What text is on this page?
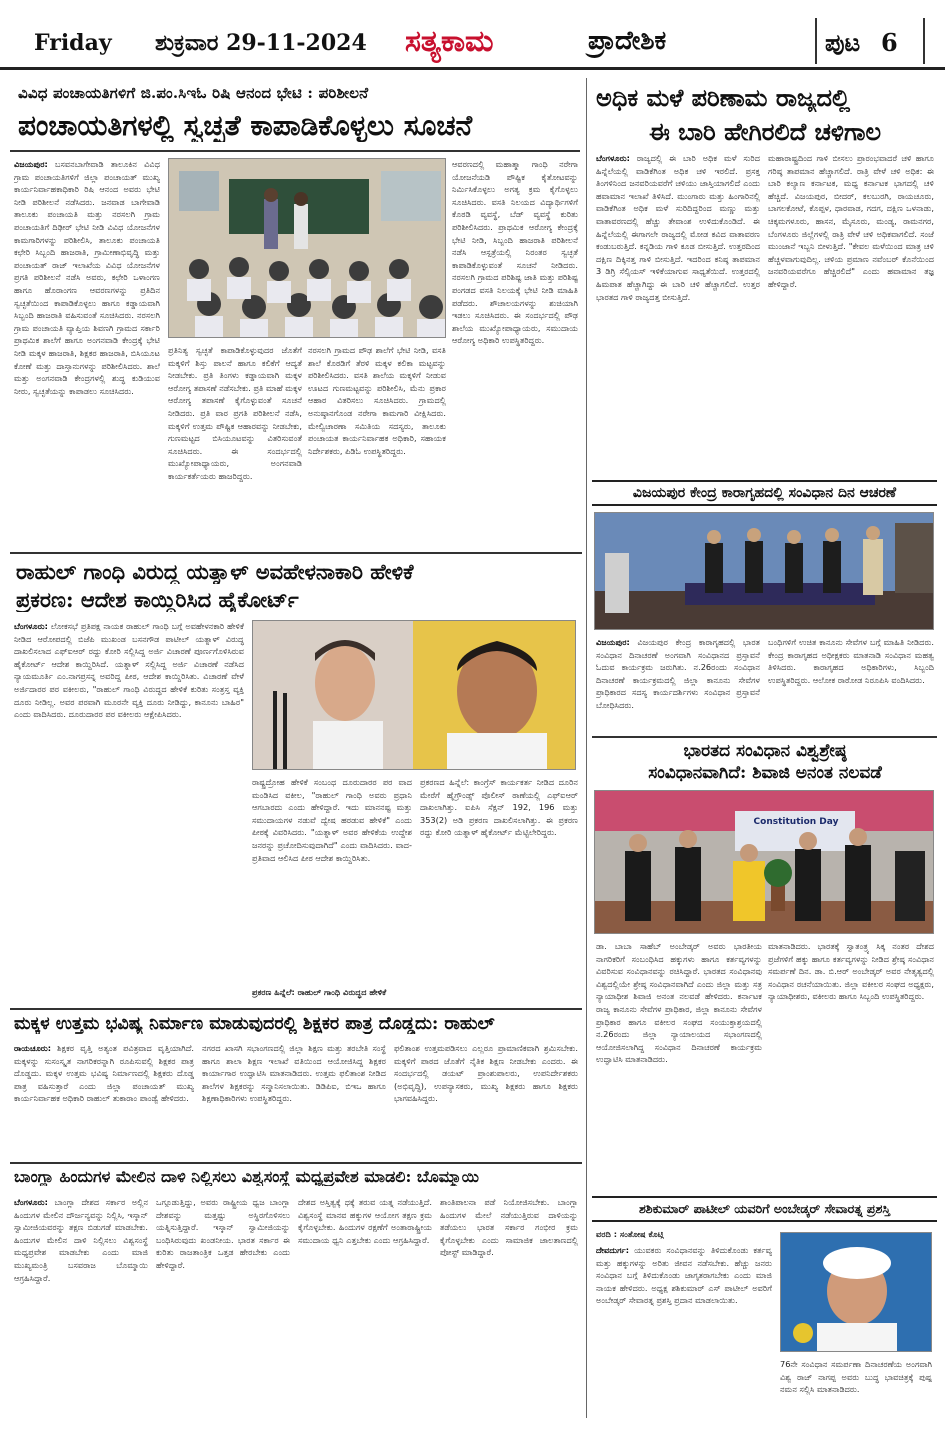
Friday ಶುಕ್ರವಾರ 29-11-2024 ಸತ್ಯಕಾಮ	ಪ್ರಾದೇಶಿಕ	ಪುಟ 6
ವಿವಿಧ ಪಂಚಾಯತಿಗಳಿಗೆ ಜಿ.ಪಂ.ಸಿಇಓ ರಿಷಿ ಆನಂದ ಭೇಟಿ : ಪರಿಶೀಲನೆ
ಪಂಚಾಯತಿಗಳಲ್ಲಿ ಸ್ವಚ್ಛತೆ ಕಾಪಾಡಿಕೊಳ್ಳಲು ಸೂಚನೆ
ವಿಜಯಪುರ: ಬಸವನಬಾಗೇವಾಡಿ ತಾಲೂಕಿನ ವಿವಿಧ ಗ್ರಾಮ ಪಂಚಾಯತಿಗಳಿಗೆ ಜಿಲ್ಲಾ ಪಂಚಾಯತ್ ಮುಖ್ಯ ಕಾರ್ಯನಿರ್ವಾಹಕಾಧಿಕಾರಿ ರಿಷಿ ಆನಂದ ಅವರು ಭೇಟಿ ನೀಡಿ ಪರಿಶೀಲನೆ ನಡೆಸಿದರು. ಜನವಾಡ ಬಾಗೇವಾಡಿ ತಾಲೂಕು ಪಂಚಾಯತಿ ಮತ್ತು ನರಸಲಗಿ ಗ್ರಾಮ ಪಂಚಾಯತಿಗೆ ದಿಢೀರ್ ಭೇಟಿ ನೀಡಿ ವಿವಿಧ ಯೋಜನೆಗಳ ಕಾಮಗಾರಿಗಳನ್ನು ಪರಿಶೀಲಿಸಿ, ತಾಲೂಕು ಪಂಚಾಯತಿ ಕಛೇರಿ ಸಿಬ್ಬಂದಿ ಹಾಜರಾತಿ, ಗ್ರಾಮೀಣಾಭಿವೃದ್ಧಿ ಮತ್ತು ಪಂಚಾಯತ್ ರಾಜ್ ಇಲಾಖೆಯ ವಿವಿಧ ಯೋಜನೆಗಳ ಪ್ರಗತಿ ಪರಿಶೀಲನೆ ನಡೆಸಿ ಅವರು, ಕಛೇರಿ ಒಳಾಂಗಣ ಹಾಗೂ ಹೊರಾಂಗಣ ಆವರಣಗಳನ್ನು ಪ್ರತಿದಿನ ಸ್ವಚ್ಛತೆಯಿಂದ ಕಾಪಾಡಿಕೊಳ್ಳಲು ಹಾಗೂ ಕಡ್ಡಾಯವಾಗಿ ಸಿಬ್ಬಂದಿ ಹಾಜರಾತಿ ವಹಿಸುವಂತೆ ಸೂಚಿಸಿದರು. ನರಸಲಗಿ ಗ್ರಾಮ ಪಂಚಾಯತಿ ವ್ಯಾಪ್ತಿಯ ಶಿವಣಗಿ ಗ್ರಾಮದ ಸರ್ಕಾರಿ ಪ್ರಾಥಮಿಕ ಶಾಲೆಗೆ ಹಾಗೂ ಅಂಗನವಾಡಿ ಕೇಂದ್ರಕ್ಕೆ ಭೇಟಿ ನೀಡಿ ಮಕ್ಕಳ ಹಾಜರಾತಿ, ಶಿಕ್ಷಕರ ಹಾಜರಾತಿ, ಬಿಸಿಯೂಟ ಕೋಣೆ ಮತ್ತು ದಾಸ್ತಾನುಗಳನ್ನು ಪರಿಶೀಲಿಸಿದರು. ಶಾಲೆ ಮತ್ತು ಅಂಗನವಾಡಿ ಕೇಂದ್ರಗಳಲ್ಲಿ ಶುದ್ಧ ಕುಡಿಯುವ ನೀರು, ಸ್ವಚ್ಛತೆಯನ್ನು ಕಾಪಾಡಲು ಸೂಚಿಸಿದರು.
ಪ್ರತಿನಿತ್ಯ ಸ್ವಚ್ಛತೆ ಕಾಪಾಡಿಕೊಳ್ಳುವುದರ ಜೊತೆಗೆ ಮಕ್ಕಳಿಗೆ ಶಿಸ್ತು ಪಾಲನೆ ಹಾಗೂ ಕಲಿಕೆಗೆ ಆದ್ಯತೆ ನೀಡಬೇಕು. ಪ್ರತಿ ತಿಂಗಳು ಕಡ್ಡಾಯವಾಗಿ ಮಕ್ಕಳ ಆರೋಗ್ಯ ತಪಾಸಣೆ ನಡೆಸಬೇಕು. ಪ್ರತಿ ಮಾಹೆ ಮಕ್ಕಳ ಆರೋಗ್ಯ ತಪಾಸಣೆ ಕೈಗೊಳ್ಳುವಂತೆ ಸೂಚನೆ ನೀಡಿದರು. ಪ್ರತಿ ವಾರ ಪ್ರಗತಿ ಪರಿಶೀಲನೆ ನಡೆಸಿ, ಮಕ್ಕಳಿಗೆ ಉತ್ತಮ ಪೌಷ್ಟಿಕ ಆಹಾರವನ್ನು ನೀಡಬೇಕು, ಗುಣಮಟ್ಟದ ಬಿಸಿಯೂಟವನ್ನು ವಿತರಿಸುವಂತೆ ಸೂಚಿಸಿದರು. ಈ ಸಂದರ್ಭದಲ್ಲಿ ಮುಖ್ಯೋಪಾಧ್ಯಾಯರು, ಅಂಗನವಾಡಿ ಕಾರ್ಯಕರ್ತೆಯರು ಹಾಜರಿದ್ದರು.
ನರಸಲಗಿ ಗ್ರಾಮದ ಪೌಢ ಶಾಲೆಗೆ ಭೇಟಿ ನೀಡಿ, ವಸತಿ ಶಾಲೆ ಕೊಠಡಿಗೆ ತೆರಳಿ ಮಕ್ಕಳ ಕಲಿಕಾ ಮಟ್ಟವನ್ನು ಪರಿಶೀಲಿಸಿದರು. ವಸತಿ ಶಾಲೆಯ ಮಕ್ಕಳಿಗೆ ನೀಡುವ ಊಟದ ಗುಣಮಟ್ಟವನ್ನು ಪರಿಶೀಲಿಸಿ, ಮೆನು ಪ್ರಕಾರ ಆಹಾರ ವಿತರಿಸಲು ಸೂಚಿಸಿದರು. ಗ್ರಾಮದಲ್ಲಿ ಅನುಷ್ಠಾನಗೊಂಡ ನರೇಗಾ ಕಾಮಗಾರಿ ವೀಕ್ಷಿಸಿದರು. ಮೇಲ್ವಿಚಾರಣಾ ಸಮಿತಿಯ ಸದಸ್ಯರು, ತಾಲೂಕು ಪಂಚಾಯತ ಕಾರ್ಯನಿರ್ವಾಹಕ ಅಧಿಕಾರಿ, ಸಹಾಯಕ ನಿರ್ದೇಶಕರು, ಪಿಡಿಓ ಉಪಸ್ಥಿತರಿದ್ದರು.
ಆವರಣದಲ್ಲಿ ಮಹಾತ್ಮಾ ಗಾಂಧಿ ನರೇಗಾ ಯೋಜನೆಯಡಿ ಪೌಷ್ಟಿಕ ಕೈತೋಟವನ್ನು ನಿರ್ಮಿಸಿಕೊಳ್ಳಲು ಅಗತ್ಯ ಕ್ರಮ ಕೈಗೊಳ್ಳಲು ಸೂಚಿಸಿದರು. ವಸತಿ ನಿಲಯದ ವಿದ್ಯಾರ್ಥಿಗಳಿಗೆ ಕೊಠಡಿ ವ್ಯವಸ್ಥೆ, ಬೆಡ್ ವ್ಯವಸ್ಥೆ ಕುರಿತು ಪರಿಶೀಲಿಸಿದರು. ಪ್ರಾಥಮಿಕ ಆರೋಗ್ಯ ಕೇಂದ್ರಕ್ಕೆ ಭೇಟಿ ನೀಡಿ, ಸಿಬ್ಬಂದಿ ಹಾಜರಾತಿ ಪರಿಶೀಲನೆ ನಡೆಸಿ ಆಸ್ಪತ್ರೆಯಲ್ಲಿ ನಿರಂತರ ಸ್ವಚ್ಛತೆ ಕಾಪಾಡಿಕೊಳ್ಳುವಂತೆ ಸೂಚನೆ ನೀಡಿದರು. ನರಸಲಗಿ ಗ್ರಾಮದ ಪರಿಶಿಷ್ಟ ಜಾತಿ ಮತ್ತು ಪರಿಶಿಷ್ಟ ಪಂಗಡದ ವಸತಿ ನಿಲಯಕ್ಕೆ ಭೇಟಿ ನೀಡಿ ಮಾಹಿತಿ ಪಡೆದರು. ಶೌಚಾಲಯಗಳನ್ನು ಶುಚಿಯಾಗಿ ಇಡಲು ಸೂಚಿಸಿದರು. ಈ ಸಂದರ್ಭದಲ್ಲಿ ಪೌಢ ಶಾಲೆಯ ಮುಖ್ಯೋಪಾಧ್ಯಾಯರು, ಸಮುದಾಯ ಆರೋಗ್ಯ ಅಧಿಕಾರಿ ಉಪಸ್ಥಿತರಿದ್ದರು.
ಅಧಿಕ ಮಳೆ ಪರಿಣಾಮ ರಾಜ್ಯದಲ್ಲಿ
ಈ ಬಾರಿ ಹೇಗಿರಲಿದೆ ಚಳಿಗಾಲ
ಬೆಂಗಳೂರು: ರಾಜ್ಯದಲ್ಲಿ ಈ ಬಾರಿ ಅಧಿಕ ಮಳೆ ಸುರಿದ ಹಿನ್ನೆಲೆಯಲ್ಲಿ ವಾಡಿಕೆಗಿಂತ ಅಧಿಕ ಚಳಿ ಇರಲಿದೆ. ಪ್ರಸಕ್ತ ತಿಂಗಳಿನಿಂದ ಜನವರಿಯವರೆಗೆ ಚಳಿಯು ಜಾಸ್ತಿಯಾಗಲಿದೆ ಎಂದು ಹವಾಮಾನ ಇಲಾಖೆ ತಿಳಿಸಿದೆ. ಮುಂಗಾರು ಮತ್ತು ಹಿಂಗಾರಿನಲ್ಲಿ ವಾಡಿಕೆಗಿಂತ ಅಧಿಕ ಮಳೆ ಸುರಿದಿದ್ದರಿಂದ ಮಣ್ಣು ಮತ್ತು ವಾತಾವರಣದಲ್ಲಿ ಹೆಚ್ಚು ತೇವಾಂಶ ಉಳಿದುಕೊಂಡಿದೆ. ಈ ಹಿನ್ನೆಲೆಯಲ್ಲಿ ಈಗಾಗಲೇ ರಾಜ್ಯದಲ್ಲಿ ಮೋಡ ಕವಿದ ವಾತಾವರಣ ಕಂಡುಬರುತ್ತಿದೆ. ಕನ್ನಡಿಯ ಗಾಳಿ ಕೂಡ ಬೀಸುತ್ತಿದೆ. ಉತ್ತರದಿಂದ ದಕ್ಷಿಣ ದಿಕ್ಕಿನತ್ತ ಗಾಳಿ ಬೀಸುತ್ತಿದೆ. ಇದರಿಂದ ಕನಿಷ್ಠ ತಾಪಮಾನ 3 ಡಿಗ್ರಿ ಸೆಲ್ಸಿಯಸ್ ಇಳಿಕೆಯಾಗುವ ಸಾಧ್ಯತೆಯಿದೆ. ಉತ್ತರದಲ್ಲಿ ಹಿಮಪಾತ ಹೆಚ್ಚಾಗಿದ್ದು ಈ ಬಾರಿ ಚಳಿ ಹೆಚ್ಚಾಗಲಿದೆ. ಉತ್ತರ ಭಾರತದ ಗಾಳಿ ರಾಜ್ಯದತ್ತ ಬೀಸುತ್ತಿದೆ.
ಮಹಾರಾಷ್ಟ್ರದಿಂದ ಗಾಳಿ ಬೀಸಲು ಪ್ರಾರಂಭವಾದರೆ ಚಳಿ ಹಾಗೂ ಗರಿಷ್ಠ ತಾಪಮಾನ ಹೆಚ್ಚಾಗಲಿದೆ. ರಾತ್ರಿ ವೇಳೆ ಚಳಿ ಅಧಿಕ: ಈ ಬಾರಿ ಕಲ್ಯಾಣ ಕರ್ನಾಟಕ, ಮಧ್ಯ ಕರ್ನಾಟಕ ಭಾಗದಲ್ಲಿ ಚಳಿ ಹೆಚ್ಚಿದೆ. ವಿಜಯಪುರ, ಬೀದರ್, ಕಲಬುರಗಿ, ರಾಯಚೂರು, ಬಾಗಲಕೋಟೆ, ಕೊಪ್ಪಳ, ಧಾರವಾಡ, ಗದಗ, ದಕ್ಷಿಣ ಒಳನಾಡು, ಚಿಕ್ಕಮಗಳೂರು, ಹಾಸನ, ಮೈಸೂರು, ಮಂಡ್ಯ, ರಾಮನಗರ, ಬೆಂಗಳೂರು ಜಿಲ್ಲೆಗಳಲ್ಲಿ ರಾತ್ರಿ ವೇಳೆ ಚಳಿ ಅಧಿಕವಾಗಲಿದೆ. ಸಂಜೆ ಮುಂಜಾನೆ ಇಬ್ಬನಿ ಬೀಳುತ್ತಿದೆ. "ಕೇವಲ ಮಳೆಯಿಂದ ಮಾತ್ರ ಚಳಿ ಹೆಚ್ಚಳವಾಗುವುದಿಲ್ಲ. ಚಳಿಯ ಪ್ರಮಾಣ ನವೆಂಬರ್ ಕೊನೆಯಿಂದ ಜನವರಿಯವರೆಗೂ ಹೆಚ್ಚಿರಲಿದೆ" ಎಂದು ಹವಾಮಾನ ತಜ್ಞ ಹೇಳಿದ್ದಾರೆ.
ವಿಜಯಪುರ ಕೇಂದ್ರ ಕಾರಾಗೃಹದಲ್ಲಿ ಸಂವಿಧಾನ ದಿನ ಆಚರಣೆ
ವಿಜಯಪುರ: ವಿಜಯಪುರ ಕೇಂದ್ರ ಕಾರಾಗೃಹದಲ್ಲಿ ಭಾರತ ಸಂವಿಧಾನ ದಿನಾಚರಣೆ ಅಂಗವಾಗಿ ಸಂವಿಧಾನದ ಪ್ರಸ್ತಾವನೆ ಓದುವ ಕಾರ್ಯಕ್ರಮ ಜರುಗಿತು. ನ.26ರಂದು ಸಂವಿಧಾನ ದಿನಾಚರಣೆ ಕಾರ್ಯಕ್ರಮದಲ್ಲಿ ಜಿಲ್ಲಾ ಕಾನೂನು ಸೇವೆಗಳ ಪ್ರಾಧಿಕಾರದ ಸದಸ್ಯ ಕಾರ್ಯದರ್ಶಿಗಳು ಸಂವಿಧಾನ ಪ್ರಸ್ತಾವನೆ ಬೋಧಿಸಿದರು.
ಬಂಧಿಗಳಿಗೆ ಉಚಿತ ಕಾನೂನು ಸೇವೆಗಳ ಬಗ್ಗೆ ಮಾಹಿತಿ ನೀಡಿದರು. ಕೇಂದ್ರ ಕಾರಾಗೃಹದ ಅಧೀಕ್ಷಕರು ಮಾತನಾಡಿ ಸಂವಿಧಾನ ಮಹತ್ವ ತಿಳಿಸಿದರು. ಕಾರಾಗೃಹದ ಅಧಿಕಾರಿಗಳು, ಸಿಬ್ಬಂದಿ ಉಪಸ್ಥಿತರಿದ್ದರು. ಆಲೋಕ ರಾಠೋಡ ನಿರೂಪಿಸಿ ವಂದಿಸಿದರು.
ರಾಹುಲ್ ಗಾಂಧಿ ವಿರುದ್ಧ ಯತ್ನಾಳ್ ಅವಹೇಳನಾಕಾರಿ ಹೇಳಿಕೆ
ಪ್ರಕರಣ: ಆದೇಶ ಕಾಯ್ದಿರಿಸಿದ ಹೈಕೋರ್ಟ್
ಬೆಂಗಳೂರು: ಲೋಕಸಭೆ ಪ್ರತಿಪಕ್ಷ ನಾಯಕ ರಾಹುಲ್ ಗಾಂಧಿ ಬಗ್ಗೆ ಅವಹೇಳನಕಾರಿ ಹೇಳಿಕೆ ನೀಡಿದ ಆರೋಪದಲ್ಲಿ ಬಿಜೆಪಿ ಮುಖಂಡ ಬಸನಗೌಡ ಪಾಟೀಲ್ ಯತ್ನಾಳ್ ವಿರುದ್ಧ ದಾಖಲಿಸಲಾದ ಎಫ್‌ಐಆರ್ ರದ್ದು ಕೋರಿ ಸಲ್ಲಿಸಿದ್ದ ಅರ್ಜಿ ವಿಚಾರಣೆ ಪೂರ್ಣಗೊಳಿಸಿರುವ ಹೈಕೋರ್ಟ್ ಆದೇಶ ಕಾಯ್ದಿರಿಸಿದೆ. ಯತ್ನಾಳ್ ಸಲ್ಲಿಸಿದ್ದ ಅರ್ಜಿ ವಿಚಾರಣೆ ನಡೆಸಿದ ನ್ಯಾಯಮೂರ್ತಿ ಎಂ.ನಾಗಪ್ರಸನ್ನ ಅವರಿದ್ದ ಪೀಠ, ಆದೇಶ ಕಾಯ್ದಿರಿಸಿತು. ವಿಚಾರಣೆ ವೇಳೆ ಅರ್ಜಿದಾರರ ಪರ ವಕೀಲರು, "ರಾಹುಲ್ ಗಾಂಧಿ ವಿರುದ್ಧದ ಹೇಳಿಕೆ ಕುರಿತು ಸಂತ್ರಸ್ತ ವ್ಯಕ್ತಿ ದೂರು ನೀಡಿಲ್ಲ. ಅವರ ಪರವಾಗಿ ಮೂರನೇ ವ್ಯಕ್ತಿ ದೂರು ನೀಡಿದ್ದು, ಕಾನೂನು ಬಾಹಿರ" ಎಂದು ವಾದಿಸಿದರು. ದೂರುದಾರರ ಪರ ವಕೀಲರು ಆಕ್ಷೇಪಿಸಿದರು.
ರಾಷ್ಟ್ರದ್ರೋಹ ಹೇಳಿಕೆ ಸಂಬಂಧ ದೂರುದಾರರ ಪರ ವಾದ ಮಂಡಿಸಿದ ವಕೀಲ, "ರಾಹುಲ್ ಗಾಂಧಿ ಅವರು ಪ್ರಧಾನಿ ಆಗಬಾರದು ಎಂದು ಹೇಳಿದ್ದಾರೆ. ಇದು ಮಾನನಷ್ಟ ಮತ್ತು ಸಮುದಾಯಗಳ ನಡುವೆ ದ್ವೇಷ ಹರಡುವ ಹೇಳಿಕೆ" ಎಂದು ಪೀಠಕ್ಕೆ ವಿವರಿಸಿದರು. "ಯತ್ನಾಳ್ ಅವರ ಹೇಳಿಕೆಯ ಉದ್ದೇಶ ಜನರನ್ನು ಪ್ರಚೋದಿಸುವುದಾಗಿದೆ" ಎಂದು ವಾದಿಸಿದರು. ವಾದ-ಪ್ರತಿವಾದ ಆಲಿಸಿದ ಪೀಠ ಆದೇಶ ಕಾಯ್ದಿರಿಸಿತು.
ಪ್ರಕರಣದ ಹಿನ್ನೆಲೆ: ಕಾಂಗ್ರೆಸ್ ಕಾರ್ಯಕರ್ತ ನೀಡಿದ ದೂರಿನ ಮೇರೆಗೆ ಹೈಗ್ರೌಂಡ್ಸ್ ಪೊಲೀಸ್ ಠಾಣೆಯಲ್ಲಿ ಎಫ್‌ಐಆರ್ ದಾಖಲಾಗಿತ್ತು. ಐಪಿಸಿ ಸೆಕ್ಷನ್ 192, 196 ಮತ್ತು 353(2) ಅಡಿ ಪ್ರಕರಣ ದಾಖಲಿಸಲಾಗಿತ್ತು. ಈ ಪ್ರಕರಣ ರದ್ದು ಕೋರಿ ಯತ್ನಾಳ್ ಹೈಕೋರ್ಟ್ ಮೆಟ್ಟಿಲೇರಿದ್ದರು.
ಪ್ರಕರಣ ಹಿನ್ನೆಲೆ: ರಾಹುಲ್ ಗಾಂಧಿ ವಿರುದ್ಧದ ಹೇಳಿಕೆ
ಭಾರತದ ಸಂವಿಧಾನ ವಿಶ್ವಶ್ರೇಷ್ಠ
ಸಂವಿಧಾನವಾಗಿದೆ: ಶಿವಾಜಿ ಅನಂತ ನಲವಡೆ
Constitution Day
ಡಾ. ಬಾಬಾ ಸಾಹೆಬ್ ಅಂಬೇಡ್ಕರ್ ಅವರು ಭಾರತೀಯ ನಾಗರಿಕರಿಗೆ ಸಂಬಂಧಿಸಿದ ಹಕ್ಕುಗಳು ಹಾಗೂ ಕರ್ತವ್ಯಗಳನ್ನು ವಿವರಿಸುವ ಸಂವಿಧಾನವನ್ನು ರಚಿಸಿದ್ದಾರೆ. ಭಾರತದ ಸಂವಿಧಾನವು ವಿಶ್ವದಲ್ಲಿಯೇ ಶ್ರೇಷ್ಠ ಸಂವಿಧಾನವಾಗಿದೆ ಎಂದು ಜಿಲ್ಲಾ ಮತ್ತು ಸತ್ರ ನ್ಯಾಯಾಧೀಶ ಶಿವಾಜಿ ಅನಂತ ನಲವಡೆ ಹೇಳಿದರು. ಕರ್ನಾಟಕ ರಾಜ್ಯ ಕಾನೂನು ಸೇವೆಗಳ ಪ್ರಾಧಿಕಾರ, ಜಿಲ್ಲಾ ಕಾನೂನು ಸೇವೆಗಳ ಪ್ರಾಧಿಕಾರ ಹಾಗೂ ವಕೀಲರ ಸಂಘದ ಸಂಯುಕ್ತಾಶ್ರಯದಲ್ಲಿ ನ.26ರಂದು ಜಿಲ್ಲಾ ನ್ಯಾಯಾಲಯದ ಸಭಾಂಗಣದಲ್ಲಿ ಆಯೋಜಿಸಲಾಗಿದ್ದ ಸಂವಿಧಾನ ದಿನಾಚರಣೆ ಕಾರ್ಯಕ್ರಮ ಉದ್ಘಾಟಿಸಿ ಮಾತನಾಡಿದರು.
ಮಾತನಾಡಿದರು. ಭಾರತಕ್ಕೆ ಸ್ವಾತಂತ್ರ್ಯ ಸಿಕ್ಕ ನಂತರ ದೇಶದ ಪ್ರಜೆಗಳಿಗೆ ಹಕ್ಕು ಹಾಗೂ ಕರ್ತವ್ಯಗಳನ್ನು ನೀಡಿದ ಶ್ರೇಷ್ಠ ಸಂವಿಧಾನ ಸಮರ್ಪಣೆ ದಿನ. ಡಾ. ಬಿ.ಆರ್ ಅಂಬೇಡ್ಕರ್ ಅವರ ನೇತೃತ್ವದಲ್ಲಿ ಸಂವಿಧಾನ ರಚನೆಯಾಯಿತು. ಜಿಲ್ಲಾ ವಕೀಲರ ಸಂಘದ ಅಧ್ಯಕ್ಷರು, ನ್ಯಾಯಾಧೀಶರು, ವಕೀಲರು ಹಾಗೂ ಸಿಬ್ಬಂದಿ ಉಪಸ್ಥಿತರಿದ್ದರು.
ಮಕ್ಕಳ ಉತ್ತಮ ಭವಿಷ್ಯ ನಿರ್ಮಾಣ ಮಾಡುವುದರಲ್ಲಿ ಶಿಕ್ಷಕರ ಪಾತ್ರ ದೊಡ್ಡದು: ರಾಹುಲ್
ರಾಯಚೂರು: ಶಿಕ್ಷಕರ ವೃತ್ತಿ ಅತ್ಯಂತ ಪವಿತ್ರವಾದ ವೃತ್ತಿಯಾಗಿದೆ. ಮಕ್ಕಳನ್ನು ಸುಸಂಸ್ಕೃತ ನಾಗರಿಕರನ್ನಾಗಿ ರೂಪಿಸುವಲ್ಲಿ ಶಿಕ್ಷಕರ ಪಾತ್ರ ದೊಡ್ಡದು. ಮಕ್ಕಳ ಉತ್ತಮ ಭವಿಷ್ಯ ನಿರ್ಮಾಣದಲ್ಲಿ ಶಿಕ್ಷಕರು ದೊಡ್ಡ ಪಾತ್ರ ವಹಿಸುತ್ತಾರೆ ಎಂದು ಜಿಲ್ಲಾ ಪಂಚಾಯತ್ ಮುಖ್ಯ ಕಾರ್ಯನಿರ್ವಾಹಕ ಅಧಿಕಾರಿ ರಾಹುಲ್ ತುಕಾರಾಂ ಪಾಂಡ್ವೆ ಹೇಳಿದರು.
ನಗರದ ಖಾಸಗಿ ಸಭಾಂಗಣದಲ್ಲಿ ಜಿಲ್ಲಾ ಶಿಕ್ಷಣ ಮತ್ತು ತರಬೇತಿ ಸಂಸ್ಥೆ ಹಾಗೂ ಶಾಲಾ ಶಿಕ್ಷಣ ಇಲಾಖೆ ವತಿಯಿಂದ ಆಯೋಜಿಸಿದ್ದ ಶಿಕ್ಷಕರ ಕಾರ್ಯಾಗಾರ ಉದ್ಘಾಟಿಸಿ ಮಾತನಾಡಿದರು. ಉತ್ತಮ ಫಲಿತಾಂಶ ನೀಡಿದ ಶಾಲೆಗಳ ಶಿಕ್ಷಕರನ್ನು ಸನ್ಮಾನಿಸಲಾಯಿತು. ಡಿಡಿಪಿಐ, ಬಿಇಒ ಹಾಗೂ ಶಿಕ್ಷಣಾಧಿಕಾರಿಗಳು ಉಪಸ್ಥಿತರಿದ್ದರು.
ಫಲಿತಾಂಶ ಉತ್ತಮಪಡಿಸಲು ಎಲ್ಲರೂ ಪ್ರಾಮಾಣಿಕವಾಗಿ ಶ್ರಮಿಸಬೇಕು. ಮಕ್ಕಳಿಗೆ ಪಾಠದ ಜೊತೆಗೆ ನೈತಿಕ ಶಿಕ್ಷಣ ನೀಡಬೇಕು ಎಂದರು. ಈ ಸಂದರ್ಭದಲ್ಲಿ ಡಯಟ್ ಪ್ರಾಂಶುಪಾಲರು, ಉಪನಿರ್ದೇಶಕರು (ಅಭಿವೃದ್ಧಿ), ಉಪನ್ಯಾಸಕರು, ಮುಖ್ಯ ಶಿಕ್ಷಕರು ಹಾಗೂ ಶಿಕ್ಷಕರು ಭಾಗವಹಿಸಿದ್ದರು.
ಬಾಂಗ್ಲಾ ಹಿಂದುಗಳ ಮೇಲಿನ ದಾಳಿ ನಿಲ್ಲಿಸಲು ವಿಶ್ವಸಂಸ್ಥೆ ಮಧ್ಯಪ್ರವೇಶ ಮಾಡಲಿ: ಬೊಮ್ಮಾಯಿ
ಬೆಂಗಳೂರು: ಬಾಂಗ್ಲಾ ದೇಶದ ಸರ್ಕಾರ ಅಲ್ಲಿನ ಹಿಂದುಗಳ ಮೇಲಿನ ದೌರ್ಜನ್ಯವನ್ನು ನಿಲ್ಲಿಸಿ, ಇಸ್ಕಾನ್ ಸ್ವಾಮೀಜಿಯವರನ್ನು ತಕ್ಷಣ ಬಿಡುಗಡೆ ಮಾಡಬೇಕು. ಹಿಂದುಗಳ ಮೇಲಿನ ದಾಳಿ ನಿಲ್ಲಿಸಲು ವಿಶ್ವಸಂಸ್ಥೆ ಮಧ್ಯಪ್ರವೇಶ ಮಾಡಬೇಕು ಎಂದು ಮಾಜಿ ಮುಖ್ಯಮಂತ್ರಿ ಬಸವರಾಜ ಬೊಮ್ಮಾಯಿ ಆಗ್ರಹಿಸಿದ್ದಾರೆ.
ಒಗ್ಗೂಡುತ್ತಿದ್ದು, ಅವರು ರಾಷ್ಟ್ರೀಯ ಧ್ವಜ ಬಾಂಗ್ಲಾ ದೇಶವನ್ನು ಮತ್ತಷ್ಟು ಅಸ್ಥಿರಗೊಳಿಸಲು ಯತ್ನಿಸುತ್ತಿದ್ದಾರೆ. ಇಸ್ಕಾನ್ ಸ್ವಾಮೀಜಿಯನ್ನು ಬಂಧಿಸಿರುವುದು ಖಂಡನೀಯ. ಭಾರತ ಸರ್ಕಾರ ಈ ಕುರಿತು ರಾಜತಾಂತ್ರಿಕ ಒತ್ತಡ ಹೇರಬೇಕು ಎಂದು ಹೇಳಿದ್ದಾರೆ.
ದೇಶದ ಅಸ್ತಿತ್ವಕ್ಕೆ ಧಕ್ಕೆ ತರುವ ಯತ್ನ ನಡೆಯುತ್ತಿದೆ. ವಿಶ್ವಸಂಸ್ಥೆ ಮಾನವ ಹಕ್ಕುಗಳ ಆಯೋಗ ತಕ್ಷಣ ಕ್ರಮ ಕೈಗೊಳ್ಳಬೇಕು. ಹಿಂದುಗಳ ರಕ್ಷಣೆಗೆ ಅಂತಾರಾಷ್ಟ್ರೀಯ ಸಮುದಾಯ ಧ್ವನಿ ಎತ್ತಬೇಕು ಎಂದು ಆಗ್ರಹಿಸಿದ್ದಾರೆ.
ಶಾಂತಿಪಾಲನಾ ಪಡೆ ನಿಯೋಜಿಸಬೇಕು. ಬಾಂಗ್ಲಾ ಹಿಂದುಗಳ ಮೇಲೆ ನಡೆಯುತ್ತಿರುವ ದಾಳಿಯನ್ನು ತಡೆಯಲು ಭಾರತ ಸರ್ಕಾರ ಗಂಭೀರ ಕ್ರಮ ಕೈಗೊಳ್ಳಬೇಕು ಎಂದು ಸಾಮಾಜಿಕ ಜಾಲತಾಣದಲ್ಲಿ ಪೋಸ್ಟ್ ಮಾಡಿದ್ದಾರೆ.
ಶಶಿಕುಮಾರ್ ಪಾಟೀಲ್ ಯವರಿಗೆ ಅಂಬೇಡ್ಕರ್ ಸೇವಾರತ್ನ ಪ್ರಶಸ್ತಿ
ವರದಿ : ಸಂತೋಷ ಕೊಟ್ಗಿ
ದೇವದುರ್ಗ: ಯುವಕರು ಸಂವಿಧಾನವನ್ನು ತಿಳಿದುಕೊಂಡು ಕರ್ತವ್ಯ ಮತ್ತು ಹಕ್ಕುಗಳನ್ನು ಅರಿತು ಜೀವನ ನಡೆಸಬೇಕು. ಹೆಚ್ಚು ಜನರು ಸಂವಿಧಾನ ಬಗ್ಗೆ ತಿಳಿದುಕೊಂಡು ಜಾಗೃತರಾಗಬೇಕು ಎಂದು ಮಾಜಿ ನಾಯಕ ಹೇಳಿದರು. ಅಧ್ಯಕ್ಷ ಶಶಿಕುಮಾರ್ ಎಸ್ ಪಾಟೀಲ್ ಅವರಿಗೆ ಅಂಬೇಡ್ಕರ್ ಸೇವಾರತ್ನ ಪ್ರಶಸ್ತಿ ಪ್ರದಾನ ಮಾಡಲಾಯಿತು.
76ನೇ ಸಂವಿಧಾನ ಸಮರ್ಪಣಾ ದಿನಾಚರಣೆಯ ಅಂಗವಾಗಿ ವಿಶ್ವ ರಾಜ್ ನಾಗಪ್ಪ ಅವರು ಬುದ್ಧ ಭಾವಚಿತ್ರಕ್ಕೆ ಪುಷ್ಪ ನಮನ ಸಲ್ಲಿಸಿ ಮಾತನಾಡಿದರು.
